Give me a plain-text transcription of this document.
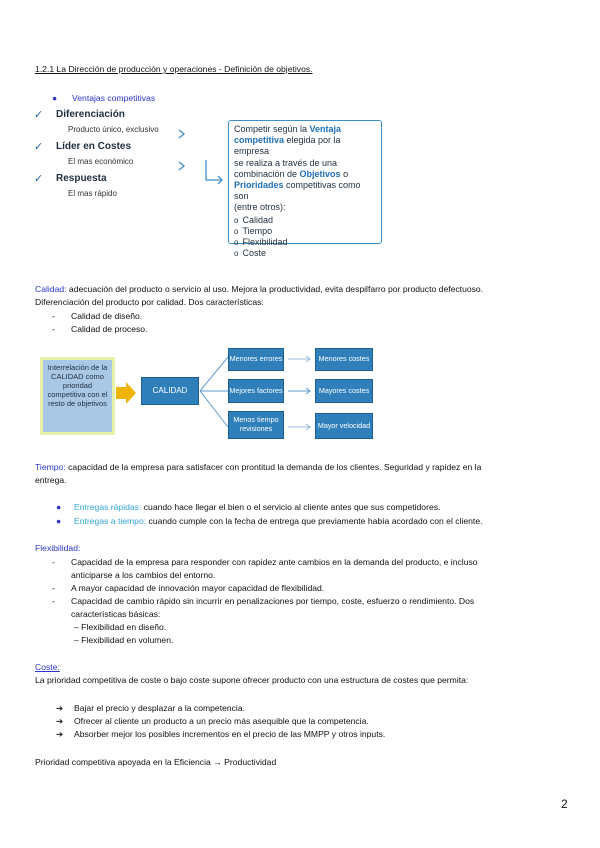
1.2.1 La Dirección de producción y operaciones - Definición de objetivos.
● Ventajas competitivas
✓ Diferenciación
Producto único, exclusivo
✓ Líder en Costes
El mas económico
✓ Respuesta
El mas rápido
Competir según la Ventaja
competitiva elegida por la empresa
se realiza a través de una
combinación de Objetivos o
Prioridades competitivas como son
(entre otros):
o Calidad
o Tiempo
o Flexibilidad
o Coste
Calidad: adecuación del producto o servicio al uso. Mejora la productividad, evita despilfarro por producto defectuoso.
Diferenciación del producto por calidad. Dos características:
- Calidad de diseño.
- Calidad de proceso.
Interrelación de la CALIDAD como prioridad competitiva con el resto de objetivos
CALIDAD
Menores errores
Mejores factores
Menos tiempo revisiones
Menores costes
Mayores costes
Mayor velocidad
Tiempo: capacidad de la empresa para satisfacer con prontitud la demanda de los clientes. Seguridad y rapidez en la
entrega.
● Entregas rápidas: cuando hace llegar el bien o el servicio al cliente antes que sus competidores.
● Entregas a tiempo: cuando cumple con la fecha de entrega que previamente había acordado con el cliente.
Flexibilidad:
- Capacidad de la empresa para responder con rapidez ante cambios en la demanda del producto, e incluso
anticiparse a los cambios del entorno.
- A mayor capacidad de innovación mayor capacidad de flexibilidad.
- Capacidad de cambio rápido sin incurrir en penalizaciones por tiempo, coste, esfuerzo o rendimiento. Dos
características básicas:
– Flexibilidad en diseño.
– Flexibilidad en volumen.
Coste:
La prioridad competitiva de coste o bajo coste supone ofrecer producto con una estructura de costes que permita:
➔ Bajar el precio y desplazar a la competencia.
➔ Ofrecer al cliente un producto a un precio más asequible que la competencia.
➔ Absorber mejor los posibles incrementos en el precio de las MMPP y otros inputs.
Prioridad competitiva apoyada en la Eficiencia → Productividad
2
